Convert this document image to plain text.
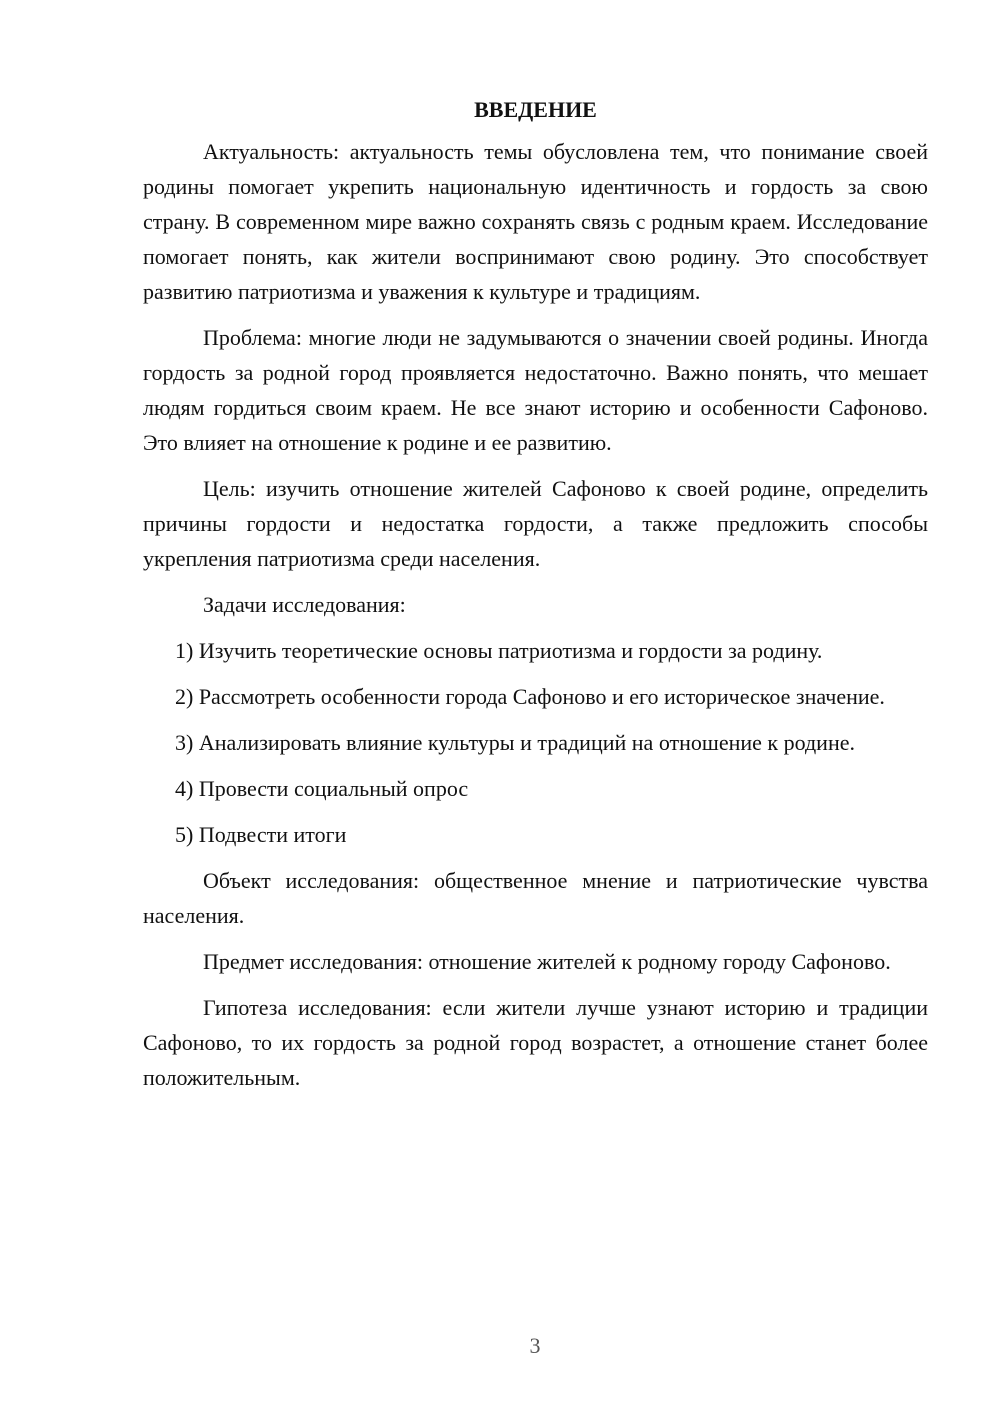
ВВЕДЕНИЕ

Актуальность: актуальность темы обусловлена тем, что понимание своей родины помогает укрепить национальную идентичность и гордость за свою страну. В современном мире важно сохранять связь с родным краем. Исследование помогает понять, как жители воспринимают свою родину. Это способствует развитию патриотизма и уважения к культуре и традициям.

Проблема: многие люди не задумываются о значении своей родины. Иногда гордость за родной город проявляется недостаточно. Важно понять, что мешает людям гордиться своим краем. Не все знают историю и особенности Сафоново. Это влияет на отношение к родине и ее развитию.

Цель: изучить отношение жителей Сафоново к своей родине, определить причины гордости и недостатка гордости, а также предложить способы укрепления патриотизма среди населения.

Задачи исследования:

1) Изучить теоретические основы патриотизма и гордости за родину.

2) Рассмотреть особенности города Сафоново и его историческое значение.

3) Анализировать влияние культуры и традиций на отношение к родине.

4) Провести социальный опрос

5) Подвести итоги

Объект исследования: общественное мнение и патриотические чувства населения.

Предмет исследования: отношение жителей к родному городу Сафоново.

Гипотеза исследования: если жители лучше узнают историю и традиции Сафоново, то их гордость за родной город возрастет, а отношение станет более положительным.

3
